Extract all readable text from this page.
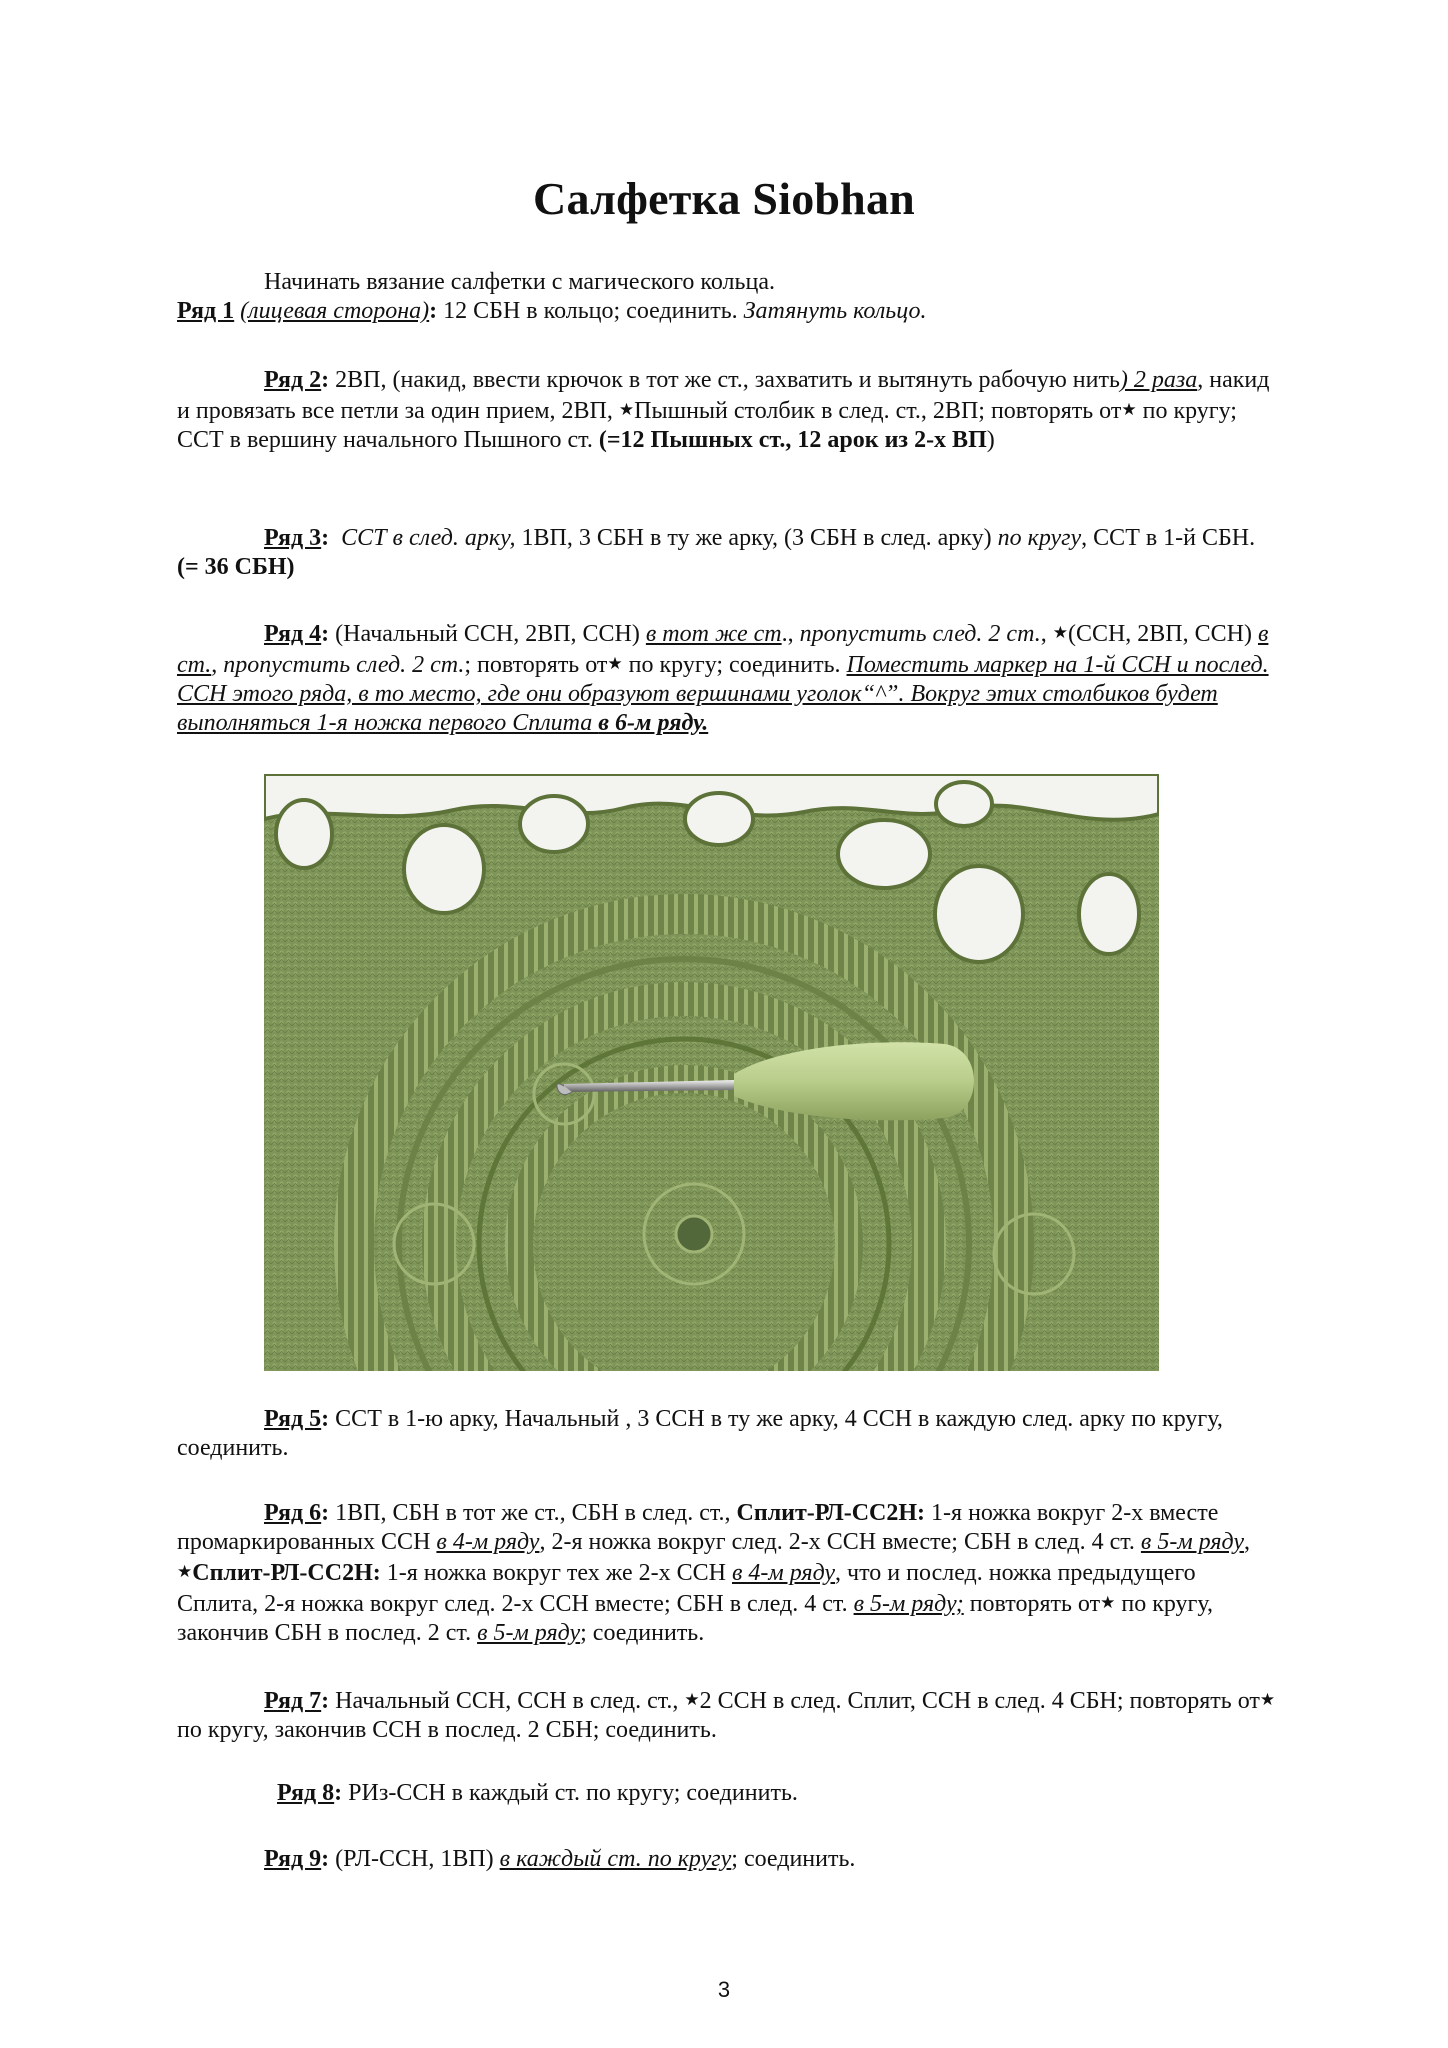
Салфетка Siobhan

Начинать вязание салфетки с магического кольца.
Ряд 1 (лицевая сторона): 12 СБН в кольцо; соединить. Затянуть кольцо.

Ряд 2: 2ВП, (накид, ввести крючок в тот же ст., захватить и вытянуть рабочую нить) 2 раза, накид и провязать все петли за один прием, 2ВП, ★Пышный столбик в след. ст., 2ВП; повторять от★ по кругу; ССТ в вершину начального Пышного ст. (=12 Пышных ст., 12 арок из 2-х ВП)

Ряд 3: ССТ в след. арку, 1ВП, 3 СБН в ту же арку, (3 СБН в след. арку) по кругу, ССТ в 1-й СБН. (= 36 СБН)

Ряд 4: (Начальный ССН, 2ВП, ССН) в тот же ст., пропустить след. 2 ст., ★(ССН, 2ВП, ССН) в ст., пропустить след. 2 ст.; повторять от★ по кругу; соединить. Поместить маркер на 1-й ССН и послед. ССН этого ряда, в то место, где они образуют вершинами уголок“^”. Вокруг этих столбиков будет выполняться 1-я ножка первого Сплита в 6-м ряду.

Ряд 5: ССТ в 1-ю арку, Начальный , 3 ССН в ту же арку, 4 ССН в каждую след. арку по кругу, соединить.

Ряд 6: 1ВП, СБН в тот же ст., СБН в след. ст., Сплит-РЛ-СС2Н: 1-я ножка вокруг 2-х вместе промаркированных ССН в 4-м ряду, 2-я ножка вокруг след. 2-х ССН вместе; СБН в след. 4 ст. в 5-м ряду, ★Сплит-РЛ-СС2Н: 1-я ножка вокруг тех же 2-х ССН в 4-м ряду, что и послед. ножка предыдущего Сплита, 2-я ножка вокруг след. 2-х ССН вместе; СБН в след. 4 ст. в 5-м ряду; повторять от★ по кругу, закончив СБН в послед. 2 ст. в 5-м ряду; соединить.

Ряд 7: Начальный ССН, ССН в след. ст., ★2 ССН в след. Сплит, ССН в след. 4 СБН; повторять от★ по кругу, закончив ССН в послед. 2 СБН; соединить.

Ряд 8: РИз-ССН в каждый ст. по кругу; соединить.

Ряд 9: (РЛ-ССН, 1ВП) в каждый ст. по кругу; соединить.

3
